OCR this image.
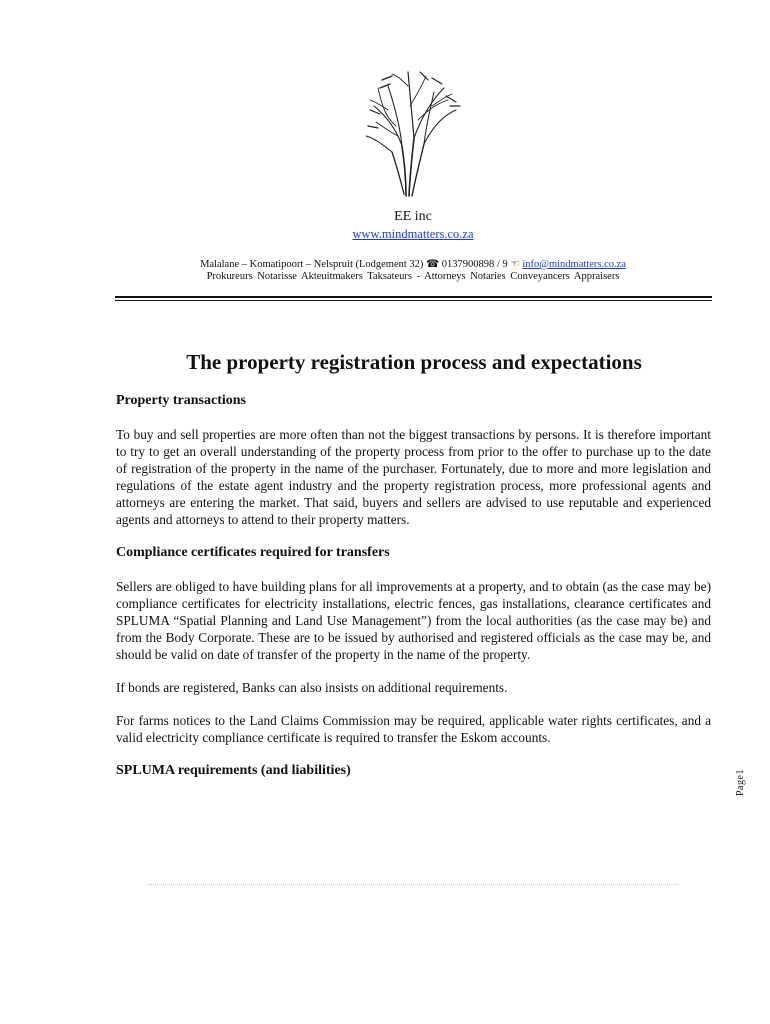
EE inc
www.mindmatters.co.za
Malalane – Komatipoort – Nelspruit (Lodgement 32) ☎ 0137900898 / 9 ☜ info@mindmatters.co.za
Prokureurs Notarisse Akteuitmakers Taksateurs - Attorneys Notaries Conveyancers Appraisers
The property registration process and expectations
Property transactions

To buy and sell properties are more often than not the biggest transactions by persons. It is therefore important to try to get an overall understanding of the property process from prior to the offer to purchase up to the date of registration of the property in the name of the purchaser. Fortunately, due to more and more legislation and regulations of the estate agent industry and the property registration process, more professional agents and attorneys are entering the market. That said, buyers and sellers are advised to use reputable and experienced agents and attorneys to attend to their property matters.

Compliance certificates required for transfers

Sellers are obliged to have building plans for all improvements at a property, and to obtain (as the case may be) compliance certificates for electricity installations, electric fences, gas installations, clearance certificates and SPLUMA “Spatial Planning and Land Use Management”) from the local authorities (as the case may be) and from the Body Corporate. These are to be issued by authorised and registered officials as the case may be, and should be valid on date of transfer of the property in the name of the property.

If bonds are registered, Banks can also insists on additional requirements.

For farms notices to the Land Claims Commission may be required, applicable water rights certificates, and a valid electricity compliance certificate is required to transfer the Eskom accounts.

SPLUMA requirements (and liabilities)	Page1
